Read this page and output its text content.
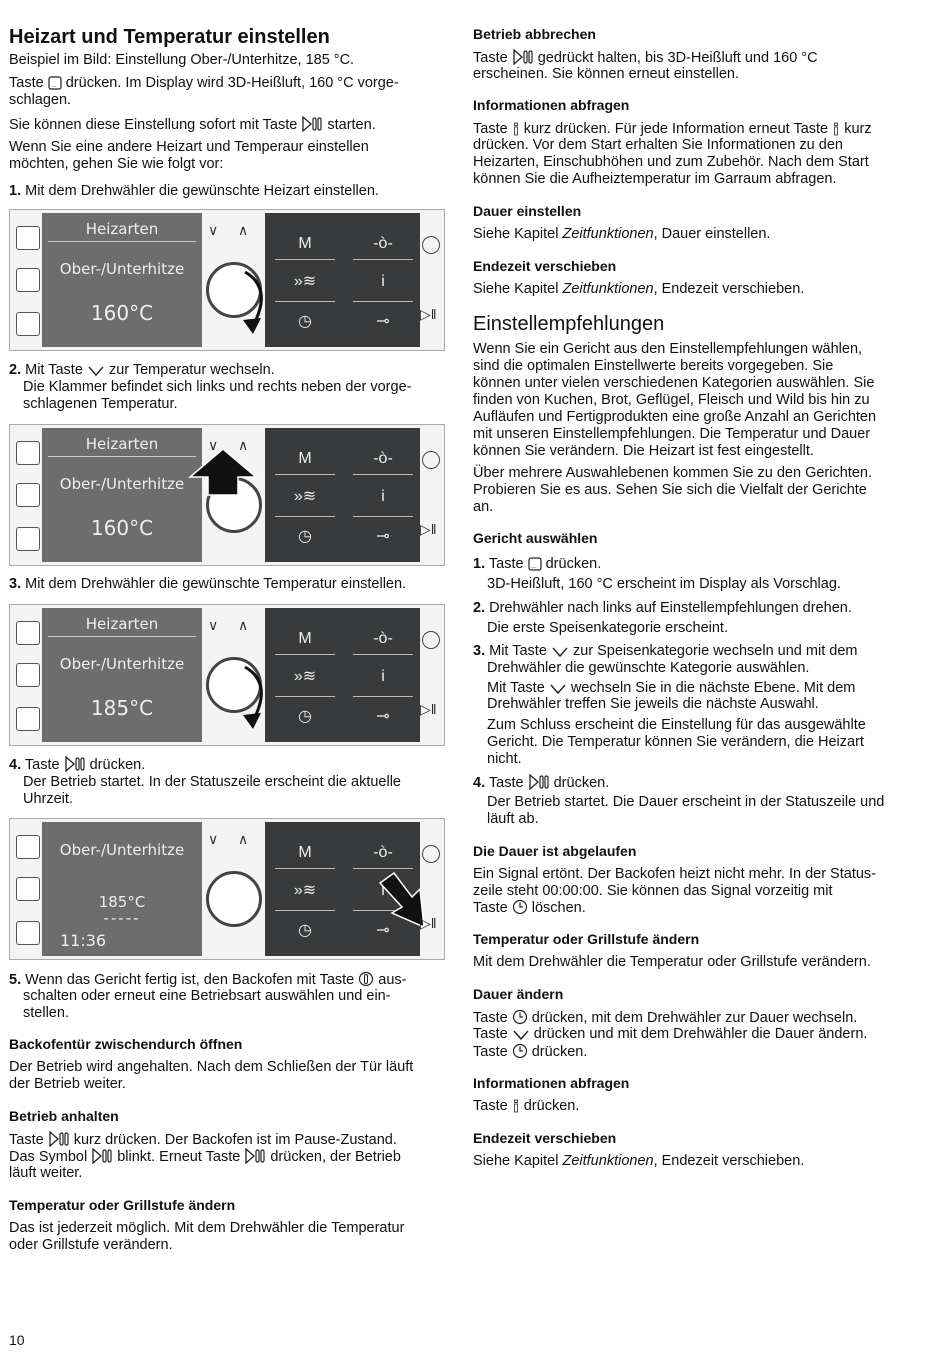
Heizart und Temperatur einstellen
Beispiel im Bild: Einstellung Ober-/Unterhitze, 185 °C.
Taste ... drücken. Im Display wird 3D-Heißluft, 160 °C vorge-
schlagen.
Sie können diese Einstellung sofort mit Taste starten.
Wenn Sie eine andere Heizart und Temperaur einstellen
möchten, gehen Sie wie folgt vor:
1. Mit dem Drehwähler die gewünschte Heizart einstellen.
Heizarten
Ober-/Unterhitze
160°C
∨ ∧
M	-ò-
»≋	i
◷	⊸	▷‖
2. Mit Taste zur Temperatur wechseln.
Die Klammer befindet sich links und rechts neben der vorge-
schlagenen Temperatur.
Heizarten
Ober-/Unterhitze
160°C
∨ ∧
M	-ò-
»≋	i
◷	⊸	▷‖
3. Mit dem Drehwähler die gewünschte Temperatur einstellen.
Heizarten
Ober-/Unterhitze
185°C
∨ ∧
M	-ò-
»≋	i
◷	⊸	▷‖
4. Taste drücken.
Der Betrieb startet. In der Statuszeile erscheint die aktuelle
Uhrzeit.
Ober-/Unterhitze
185°C
-----
11:36
∨ ∧
M	-ò-
»≋	i
◷	⊸	▷‖
5. Wenn das Gericht fertig ist, den Backofen mit Taste aus-
schalten oder erneut eine Betriebsart auswählen und ein-
stellen.
Backofentür zwischendurch öffnen
Der Betrieb wird angehalten. Nach dem Schließen der Tür läuft
der Betrieb weiter.
Betrieb anhalten
Taste kurz drücken. Der Backofen ist im Pause-Zustand.
Das Symbol blinkt. Erneut Taste drücken, der Betrieb
läuft weiter.
Temperatur oder Grillstufe ändern
Das ist jederzeit möglich. Mit dem Drehwähler die Temperatur
oder Grillstufe verändern.
Betrieb abbrechen
Taste gedrückt halten, bis 3D-Heißluft und 160 °C
erscheinen. Sie können erneut einstellen.
Informationen abfragen
Taste kurz drücken. Für jede Information erneut Taste kurz
drücken. Vor dem Start erhalten Sie Informationen zu den
Heizarten, Einschubhöhen und zum Zubehör. Nach dem Start
können Sie die Aufheiztemperatur im Garraum abfragen.
Dauer einstellen
Siehe Kapitel Zeitfunktionen, Dauer einstellen.
Endezeit verschieben
Siehe Kapitel Zeitfunktionen, Endezeit verschieben.
Einstellempfehlungen
Wenn Sie ein Gericht aus den Einstellempfehlungen wählen,
sind die optimalen Einstellwerte bereits vorgegeben. Sie
können unter vielen verschiedenen Kategorien auswählen. Sie
finden von Kuchen, Brot, Geflügel, Fleisch und Wild bis hin zu
Aufläufen und Fertigprodukten eine große Anzahl an Gerichten
mit unseren Einstellempfehlungen. Die Temperatur und Dauer
können Sie verändern. Die Heizart ist fest eingestellt.
Über mehrere Auswahlebenen kommen Sie zu den Gerichten.
Probieren Sie es aus. Sehen Sie sich die Vielfalt der Gerichte
an.
Gericht auswählen
1. Taste ... drücken.
3D-Heißluft, 160 °C erscheint im Display als Vorschlag.
2. Drehwähler nach links auf Einstellempfehlungen drehen.
Die erste Speisenkategorie erscheint.
3. Mit Taste zur Speisenkategorie wechseln und mit dem
Drehwähler die gewünschte Kategorie auswählen.
Mit Taste wechseln Sie in die nächste Ebene. Mit dem
Drehwähler treffen Sie jeweils die nächste Auswahl.
Zum Schluss erscheint die Einstellung für das ausgewählte
Gericht. Die Temperatur können Sie verändern, die Heizart
nicht.
4. Taste drücken.
Der Betrieb startet. Die Dauer erscheint in der Statuszeile und
läuft ab.
Die Dauer ist abgelaufen
Ein Signal ertönt. Der Backofen heizt nicht mehr. In der Status-
zeile steht 00:00:00. Sie können das Signal vorzeitig mit
Taste löschen.
Temperatur oder Grillstufe ändern
Mit dem Drehwähler die Temperatur oder Grillstufe verändern.
Dauer ändern
Taste drücken, mit dem Drehwähler zur Dauer wechseln.
Taste drücken und mit dem Drehwähler die Dauer ändern.
Taste drücken.
Informationen abfragen
Taste drücken.
Endezeit verschieben
Siehe Kapitel Zeitfunktionen, Endezeit verschieben.
10
